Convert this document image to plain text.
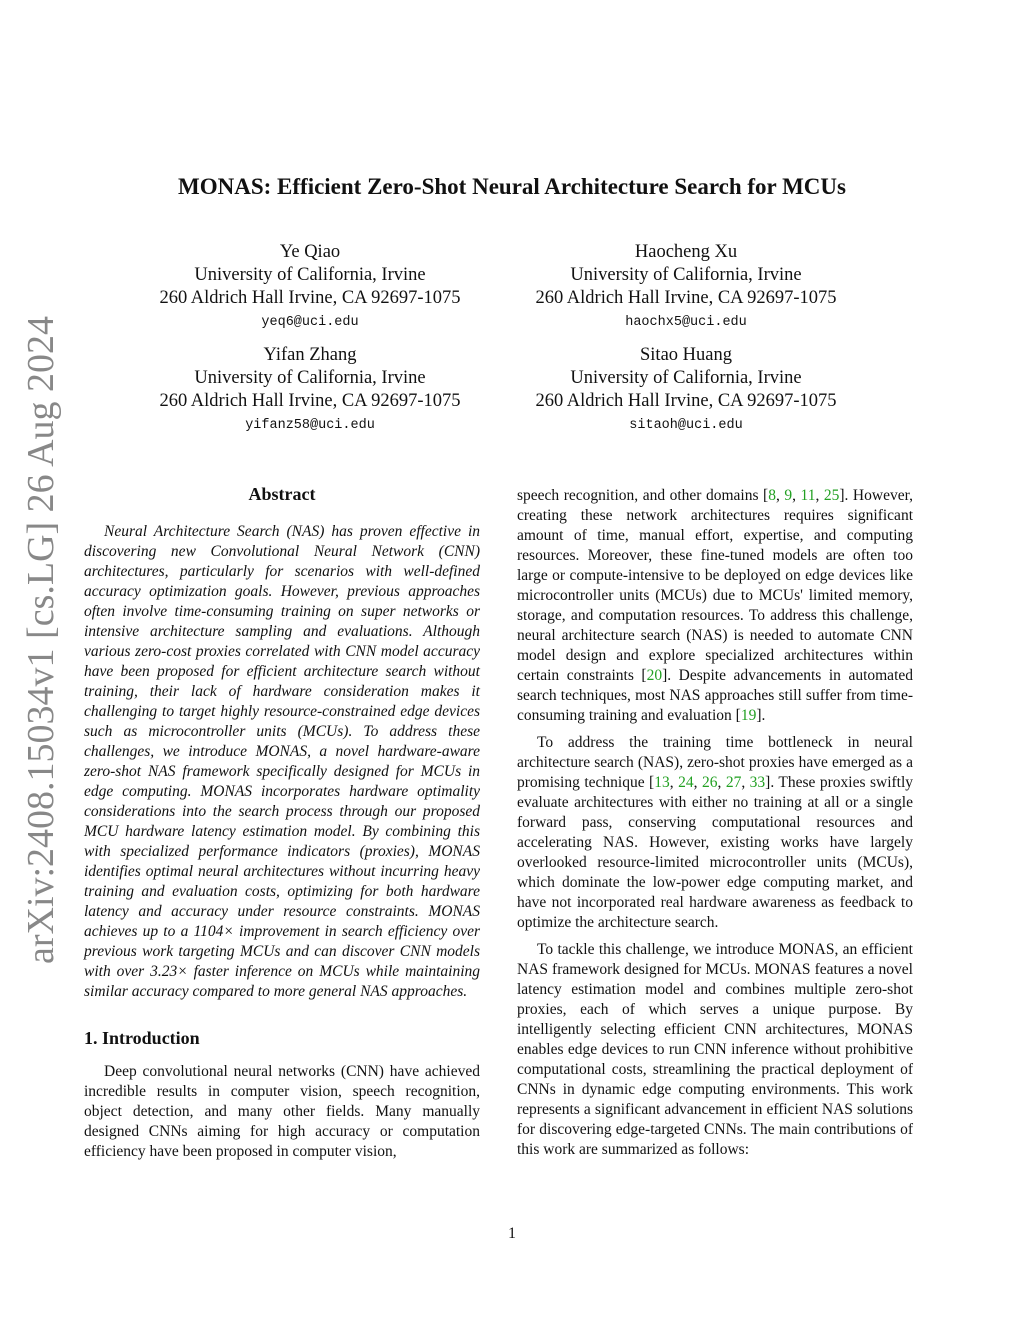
arXiv:2408.15034v1 [cs.LG] 26 Aug 2024
MONAS: Efficient Zero-Shot Neural Architecture Search for MCUs
Ye Qiao
University of California, Irvine
260 Aldrich Hall Irvine, CA 92697-1075
yeq6@uci.edu
Haocheng Xu
University of California, Irvine
260 Aldrich Hall Irvine, CA 92697-1075
haochx5@uci.edu
Yifan Zhang
University of California, Irvine
260 Aldrich Hall Irvine, CA 92697-1075
yifanz58@uci.edu
Sitao Huang
University of California, Irvine
260 Aldrich Hall Irvine, CA 92697-1075
sitaoh@uci.edu
Abstract

Neural Architecture Search (NAS) has proven effective in discovering new Convolutional Neural Network (CNN) architectures, particularly for scenarios with well-defined accuracy optimization goals. However, previous approaches often involve time-consuming training on super networks or intensive architecture sampling and evaluations. Although various zero-cost proxies correlated with CNN model accuracy have been proposed for efficient architecture search without training, their lack of hardware consideration makes it challenging to target highly resource-constrained edge devices such as microcontroller units (MCUs). To address these challenges, we introduce MONAS, a novel hardware-aware zero-shot NAS framework specifically designed for MCUs in edge computing. MONAS incorporates hardware optimality considerations into the search process through our proposed MCU hardware latency estimation model. By combining this with specialized performance indicators (proxies), MONAS identifies optimal neural architectures without incurring heavy training and evaluation costs, optimizing for both hardware latency and accuracy under resource constraints. MONAS achieves up to a 1104× improvement in search efficiency over previous work targeting MCUs and can discover CNN models with over 3.23× faster inference on MCUs while maintaining similar accuracy compared to more general NAS approaches.

1. Introduction

Deep convolutional neural networks (CNN) have achieved incredible results in computer vision, speech recognition, object detection, and many other fields. Many manually designed CNNs aiming for high accuracy or computation efficiency have been proposed in computer vision,

speech recognition, and other domains [8, 9, 11, 25]. However, creating these network architectures requires significant amount of time, manual effort, expertise, and computing resources. Moreover, these fine-tuned models are often too large or compute-intensive to be deployed on edge devices like microcontroller units (MCUs) due to MCUs' limited memory, storage, and computation resources. To address this challenge, neural architecture search (NAS) is needed to automate CNN model design and explore specialized architectures within certain constraints [20]. Despite advancements in automated search techniques, most NAS approaches still suffer from time-consuming training and evaluation [19].

To address the training time bottleneck in neural architecture search (NAS), zero-shot proxies have emerged as a promising technique [13, 24, 26, 27, 33]. These proxies swiftly evaluate architectures with either no training at all or a single forward pass, conserving computational resources and accelerating NAS. However, existing works have largely overlooked resource-limited microcontroller units (MCUs), which dominate the low-power edge computing market, and have not incorporated real hardware awareness as feedback to optimize the architecture search.

To tackle this challenge, we introduce MONAS, an efficient NAS framework designed for MCUs. MONAS features a novel latency estimation model and combines multiple zero-shot proxies, each of which serves a unique purpose. By intelligently selecting efficient CNN architectures, MONAS enables edge devices to run CNN inference without prohibitive computational costs, streamlining the practical deployment of CNNs in dynamic edge computing environments. This work represents a significant advancement in efficient NAS solutions for discovering edge-targeted CNNs. The main contributions of this work are summarized as follows:

1
